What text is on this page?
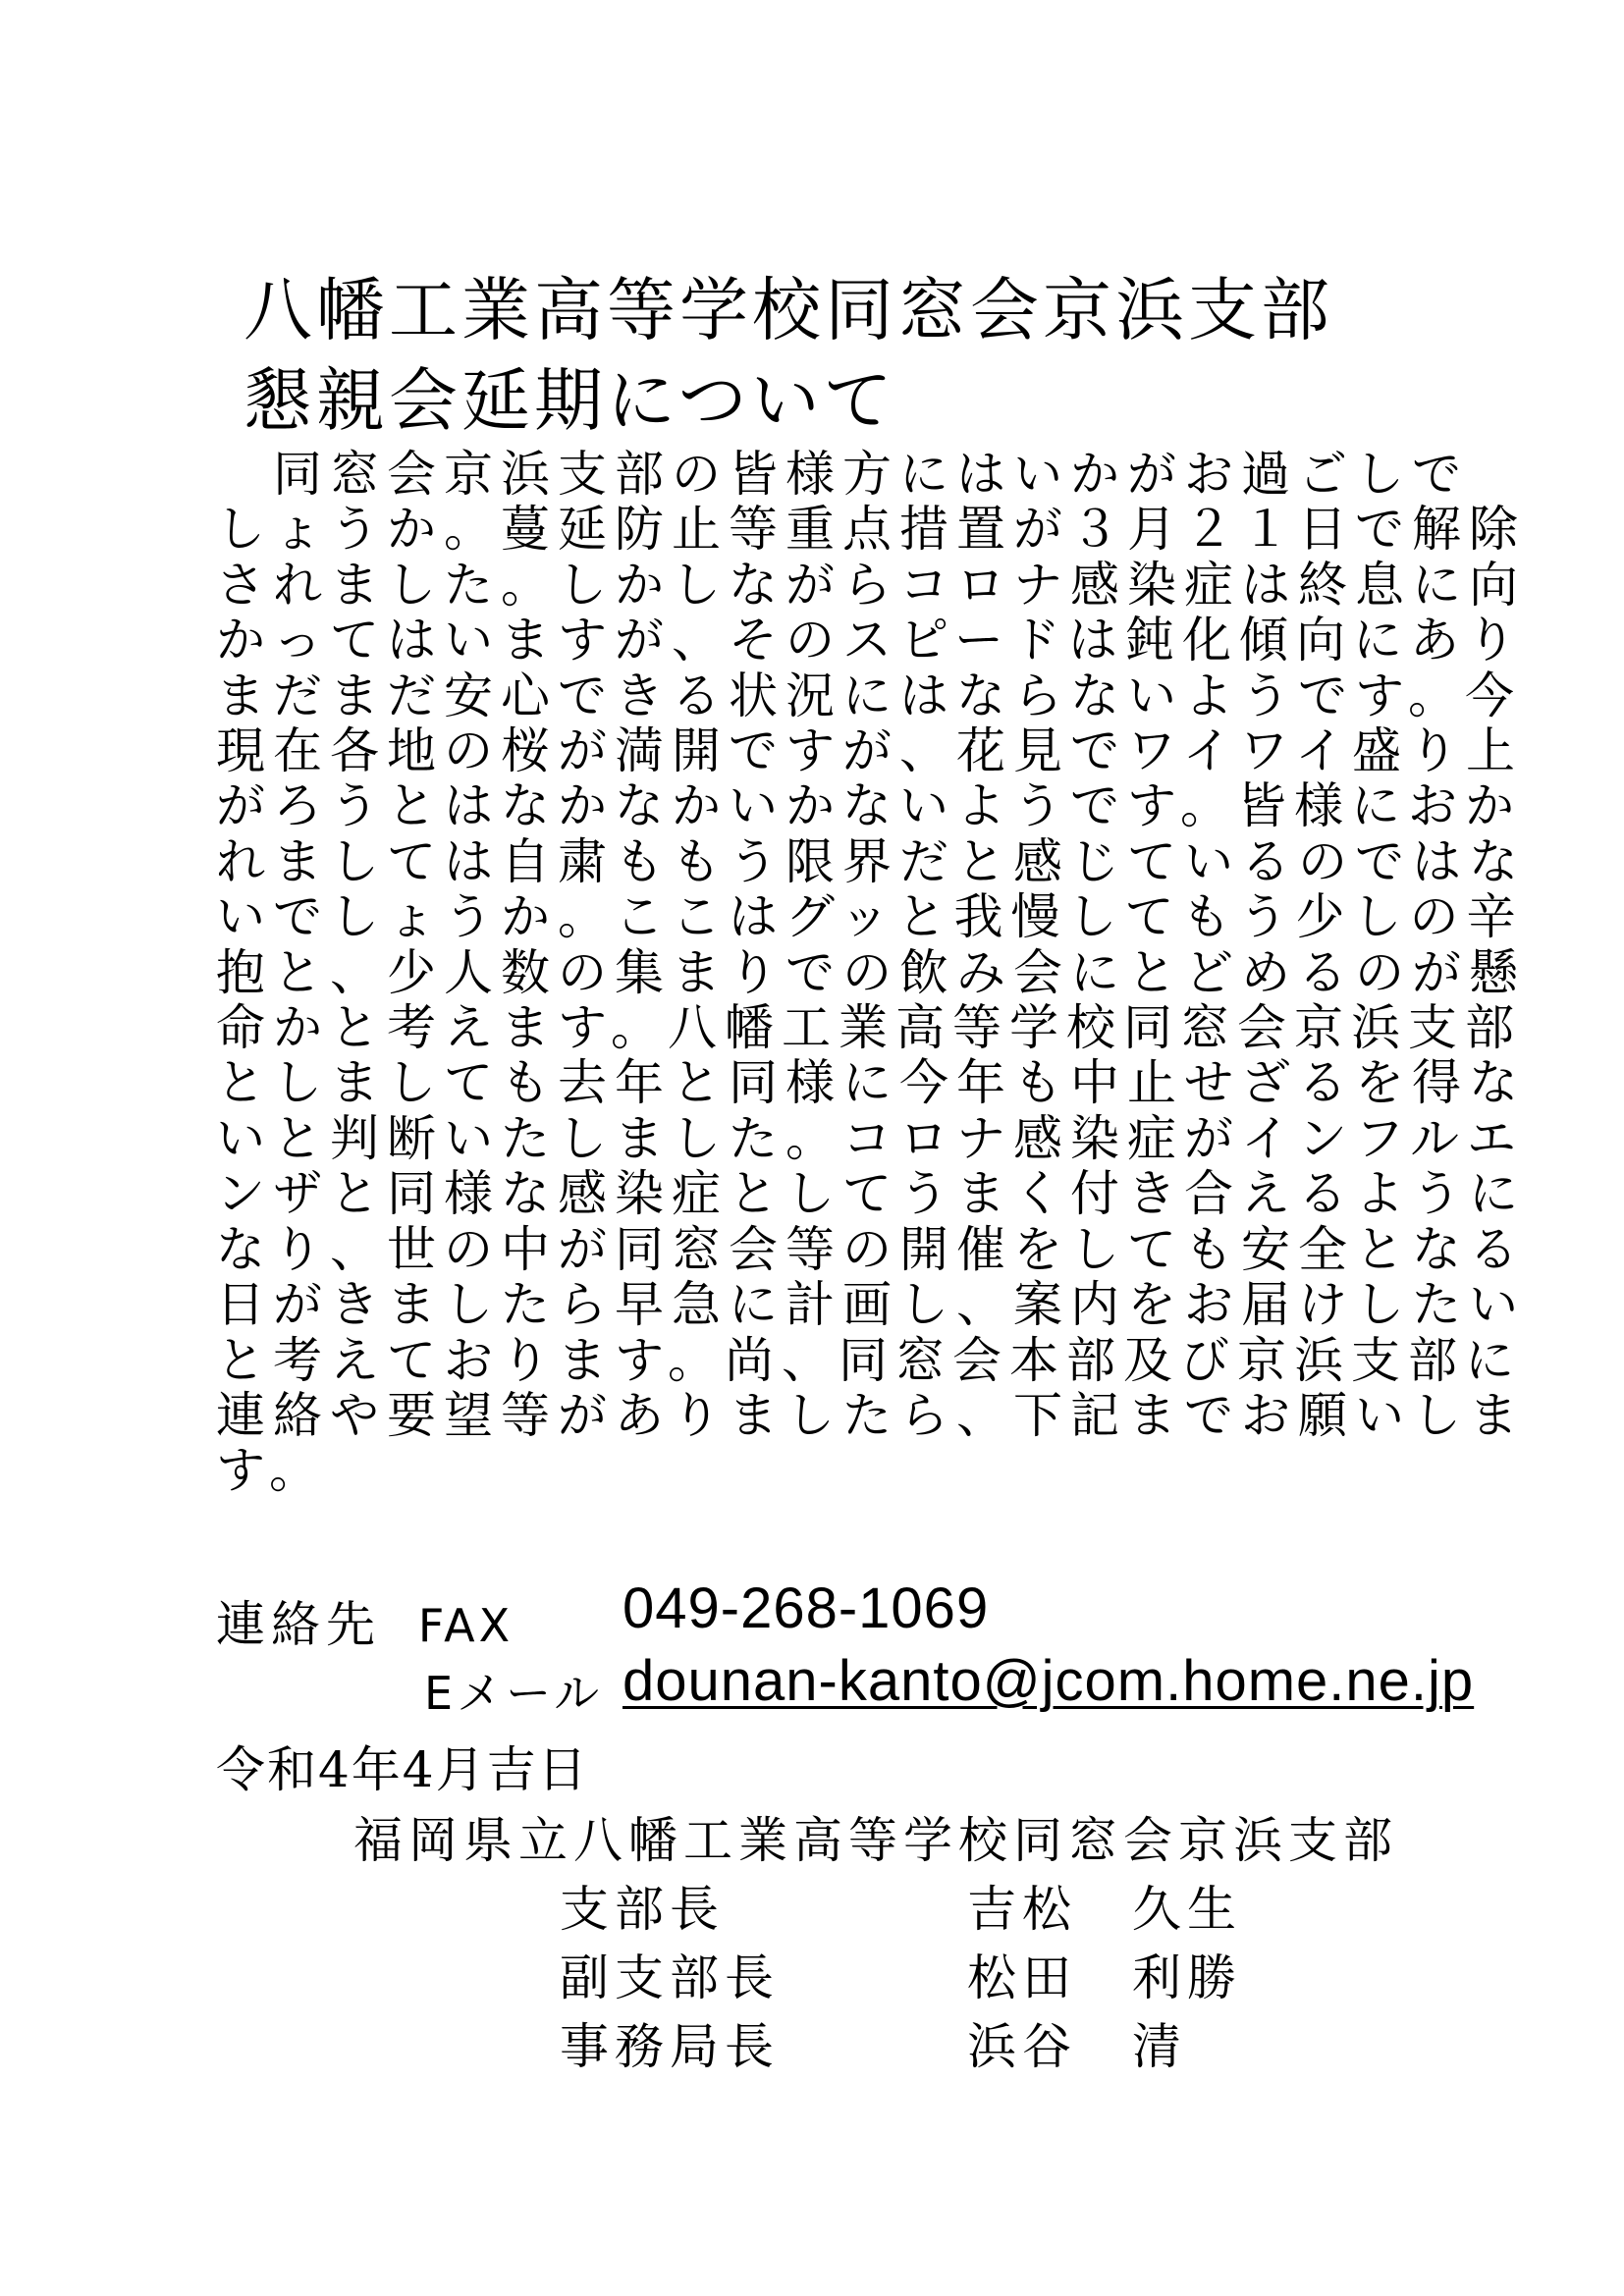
八幡工業高等学校同窓会京浜支部
懇親会延期について
　同窓会京浜支部の皆様方にはいかがお過ごしで
しょうか。蔓延防止等重点措置が３月２１日で解除
されました。しかしながらコロナ感染症は終息に向
かってはいますが、そのスピードは鈍化傾向にあり
まだまだ安心できる状況にはならないようです。今
現在各地の桜が満開ですが、花見でワイワイ盛り上
がろうとはなかなかいかないようです。皆様におか
れましては自粛ももう限界だと感じているのではな
いでしょうか。ここはグッと我慢してもう少しの辛
抱と、少人数の集まりでの飲み会にとどめるのが懸
命かと考えます。八幡工業高等学校同窓会京浜支部
としましても去年と同様に今年も中止せざるを得な
いと判断いたしました。コロナ感染症がインフルエ
ンザと同様な感染症としてうまく付き合えるように
なり、世の中が同窓会等の開催をしても安全となる
日がきましたら早急に計画し、案内をお届けしたい
と考えております。尚、同窓会本部及び京浜支部に
連絡や要望等がありましたら、下記までお願いしま
す。
連絡先 FAX 049-268-1069
Eメール dounan-kanto@jcom.home.ne.jp
令和4年4月吉日
福岡県立八幡工業高等学校同窓会京浜支部
支部長	吉松　久生
副支部長	松田　利勝
事務局長	浜谷　清
